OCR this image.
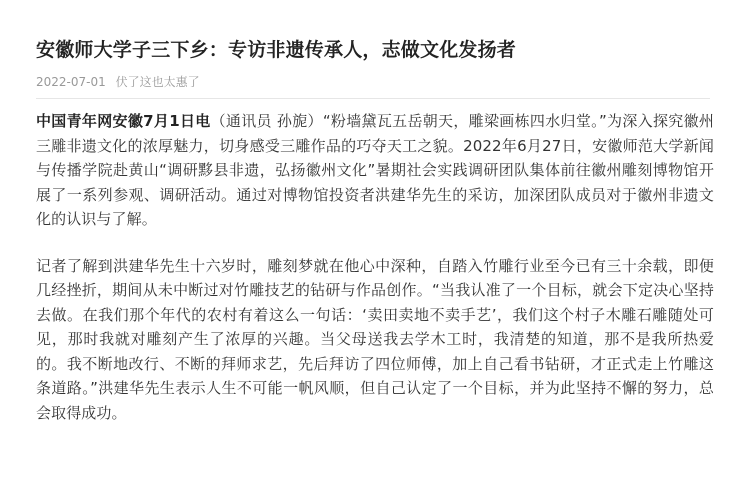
安徽师大学子三下乡：专访非遗传承人，志做文化发扬者
2022-07-01 伏了这也太惠了

中国青年网安徽7月1日电（通讯员 孙旎）“粉墙黛瓦五岳朝天，雕梁画栋四水归堂。”为深入探究徽州三雕非遗文化的浓厚魅力，切身感受三雕作品的巧夺天工之貌。2022年6月27日，安徽师范大学新闻与传播学院赴黄山“调研黟县非遗，弘扬徽州文化”暑期社会实践调研团队集体前往徽州雕刻博物馆开展了一系列参观、调研活动。通过对博物馆投资者洪建华先生的采访，加深团队成员对于徽州非遗文化的认识与了解。

记者了解到洪建华先生十六岁时，雕刻梦就在他心中深种，自踏入竹雕行业至今已有三十余载，即便几经挫折，期间从未中断过对竹雕技艺的钻研与作品创作。“当我认准了一个目标，就会下定决心坚持去做。在我们那个年代的农村有着这么一句话：‘卖田卖地不卖手艺’，我们这个村子木雕石雕随处可见，那时我就对雕刻产生了浓厚的兴趣。当父母送我去学木工时，我清楚的知道，那不是我所热爱的。我不断地改行、不断的拜师求艺，先后拜访了四位师傅，加上自己看书钻研，才正式走上竹雕这条道路。”洪建华先生表示人生不可能一帆风顺，但自己认定了一个目标，并为此坚持不懈的努力，总会取得成功。
